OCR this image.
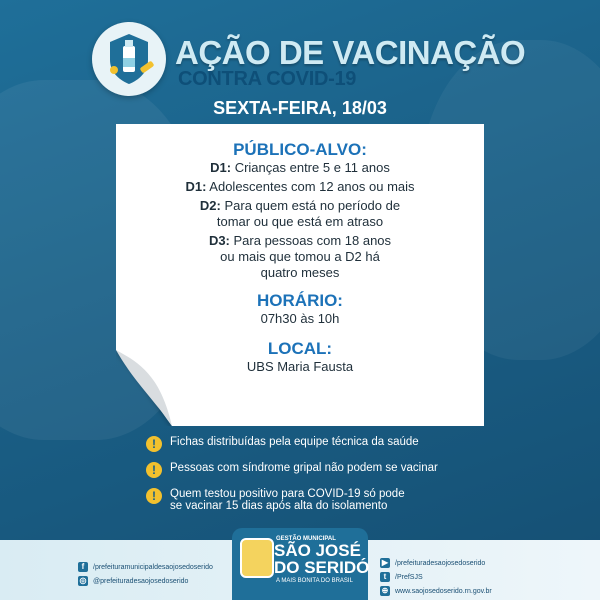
AÇÃO DE VACINAÇÃO
CONTRA COVID-19
SEXTA-FEIRA, 18/03
PÚBLICO-ALVO:
D1: Crianças entre 5 e 11 anos
D1: Adolescentes com 12 anos ou mais
D2: Para quem está no período de
tomar ou que está em atraso
D3: Para pessoas com 18 anos
ou mais que tomou a D2 há
quatro meses
HORÁRIO:
07h30 às 10h
LOCAL:
UBS Maria Fausta
!	Fichas distribuídas pela equipe técnica da saúde
!	Pessoas com síndrome gripal não podem se vacinar
!	Quem testou positivo para COVID-19 só pode
se vacinar 15 dias após alta do isolamento
f	/prefeituramunicipaldesaojosedoserido
◎ @prefeituradesaojosedoserido
GESTÃO MUNICIPAL
SÃO JOSÉ
DO SERIDÓ
A MAIS BONITA DO BRASIL
▶ /prefeituradesaojosedoserido
t	/PrefSJS
⊕ www.saojosedoserido.rn.gov.br
